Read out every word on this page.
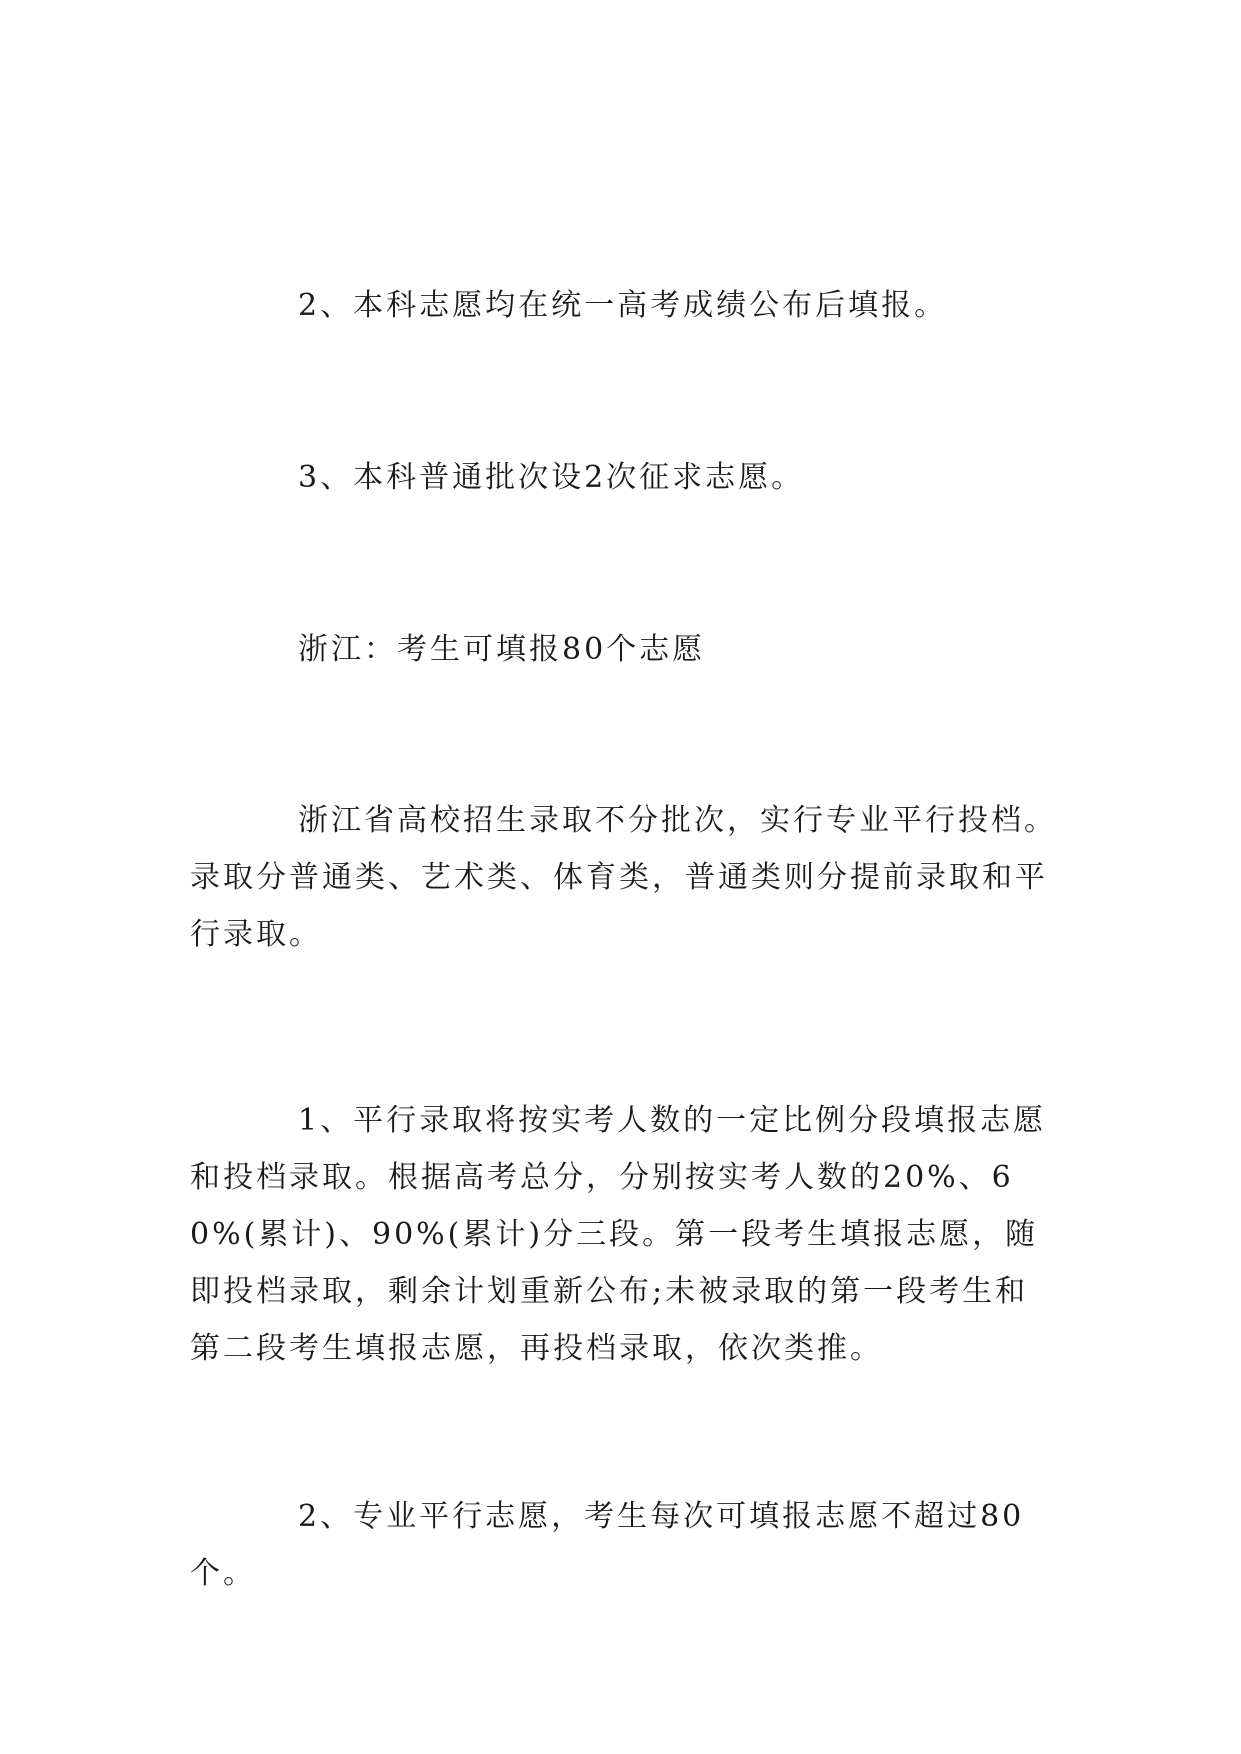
2、本科志愿均在统一高考成绩公布后填报。

3、本科普通批次设2次征求志愿。

浙江：考生可填报80个志愿

浙江省高校招生录取不分批次，实行专业平行投档。录取分普通类、艺术类、体育类，普通类则分提前录取和平行录取。

1、平行录取将按实考人数的一定比例分段填报志愿和投档录取。根据高考总分，分别按实考人数的20%、60%(累计)、90%(累计)分三段。第一段考生填报志愿，随即投档录取，剩余计划重新公布;未被录取的第一段考生和第二段考生填报志愿，再投档录取，依次类推。

2、专业平行志愿，考生每次可填报志愿不超过80个。
